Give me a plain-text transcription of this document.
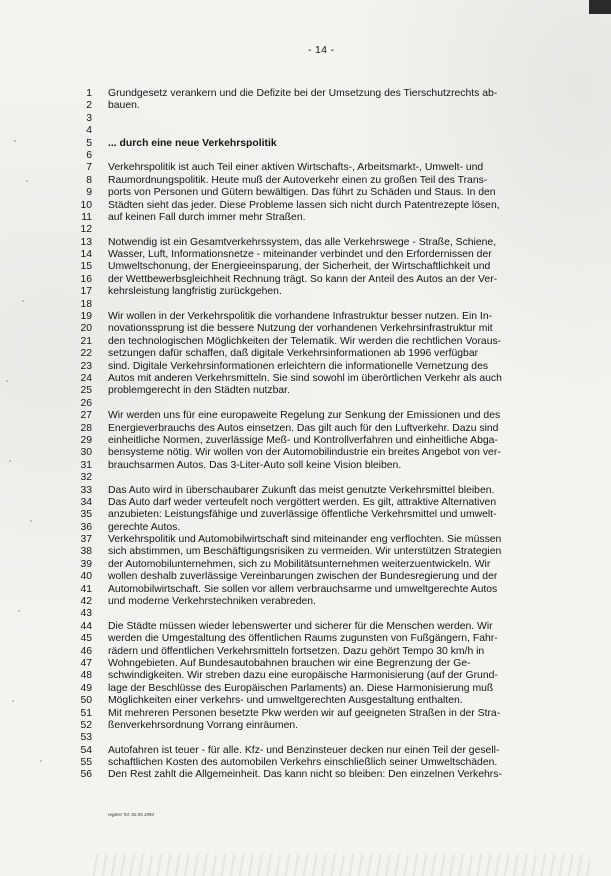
- 14 -
1 Grundgesetz verankern und die Defizite bei der Umsetzung des Tierschutzrechts ab-
2 bauen.
3
4
5 ... durch eine neue Verkehrspolitik
6
7 Verkehrspolitik ist auch Teil einer aktiven Wirtschafts-, Arbeitsmarkt-, Umwelt- und
8 Raumordnungspolitik. Heute muß der Autoverkehr einen zu großen Teil des Trans-
9 ports von Personen und Gütern bewältigen. Das führt zu Schäden und Staus. In den
10 Städten sieht das jeder. Diese Probleme lassen sich nicht durch Patentrezepte lösen,
11 auf keinen Fall durch immer mehr Straßen.
12
13 Notwendig ist ein Gesamtverkehrssystem, das alle Verkehrswege - Straße, Schiene,
14 Wasser, Luft, Informationsnetze - miteinander verbindet und den Erfordernissen der
15 Umweltschonung, der Energieeinsparung, der Sicherheit, der Wirtschaftlichkeit und
16 der Wettbewerbsgleichheit Rechnung trägt. So kann der Anteil des Autos an der Ver-
17 kehrsleistung langfristig zurückgehen.
18
19 Wir wollen in der Verkehrspolitik die vorhandene Infrastruktur besser nutzen. Ein In-
20 novationssprung ist die bessere Nutzung der vorhandenen Verkehrsinfrastruktur mit
21 den technologischen Möglichkeiten der Telematik. Wir werden die rechtlichen Voraus-
22 setzungen dafür schaffen, daß digitale Verkehrsinformationen ab 1996 verfügbar
23 sind. Digitale Verkehrsinformationen erleichtern die informationelle Vernetzung des
24 Autos mit anderen Verkehrsmitteln. Sie sind sowohl im überörtlichen Verkehr als auch
25 problemgerecht in den Städten nutzbar.
26
27 Wir werden uns für eine europaweite Regelung zur Senkung der Emissionen und des
28 Energieverbrauchs des Autos einsetzen. Das gilt auch für den Luftverkehr. Dazu sind
29 einheitliche Normen, zuverlässige Meß- und Kontrollverfahren und einheitliche Abga-
30 bensysteme nötig. Wir wollen von der Automobilindustrie ein breites Angebot von ver-
31 brauchsarmen Autos. Das 3-Liter-Auto soll keine Vision bleiben.
32
33 Das Auto wird in überschaubarer Zukunft das meist genutzte Verkehrsmittel bleiben.
34 Das Auto darf weder verteufelt noch vergöttert werden. Es gilt, attraktive Alternativen
35 anzubieten: Leistungsfähige und zuverlässige öffentliche Verkehrsmittel und umwelt-
36 gerechte Autos.
37 Verkehrspolitik und Automobilwirtschaft sind miteinander eng verflochten. Sie müssen
38 sich abstimmen, um Beschäftigungsrisiken zu vermeiden. Wir unterstützen Strategien
39 der Automobilunternehmen, sich zu Mobilitätsunternehmen weiterzuentwickeln. Wir
40 wollen deshalb zuverlässige Vereinbarungen zwischen der Bundesregierung und der
41 Automobilwirtschaft. Sie sollen vor allem verbrauchsarme und umweltgerechte Autos
42 und moderne Verkehrstechniken verabreden.
43
44 Die Städte müssen wieder lebenswerter und sicherer für die Menschen werden. Wir
45 werden die Umgestaltung des öffentlichen Raums zugunsten von Fußgängern, Fahr-
46 rädern und öffentlichen Verkehrsmitteln fortsetzen. Dazu gehört Tempo 30 km/h in
47 Wohngebieten. Auf Bundesautobahnen brauchen wir eine Begrenzung der Ge-
48 schwindigkeiten. Wir streben dazu eine europäische Harmonisierung (auf der Grund-
49 lage der Beschlüsse des Europäischen Parlaments) an. Diese Harmonisierung muß
50 Möglichkeiten einer verkehrs- und umweltgerechten Ausgestaltung enthalten.
51 Mit mehreren Personen besetzte Pkw werden wir auf geeigneten Straßen in der Stra-
52 ßenverkehrsordnung Vorrang einräumen.
53
54 Autofahren ist teuer - für alle. Kfz- und Benzinsteuer decken nur einen Teil der gesell-
55 schaftlichen Kosten des automobilen Verkehrs einschließlich seiner Umweltschäden.
56 Den Rest zahlt die Allgemeinheit. Das kann nicht so bleiben: Den einzelnen Verkehrs-
regtest '94, 02.05.1994
